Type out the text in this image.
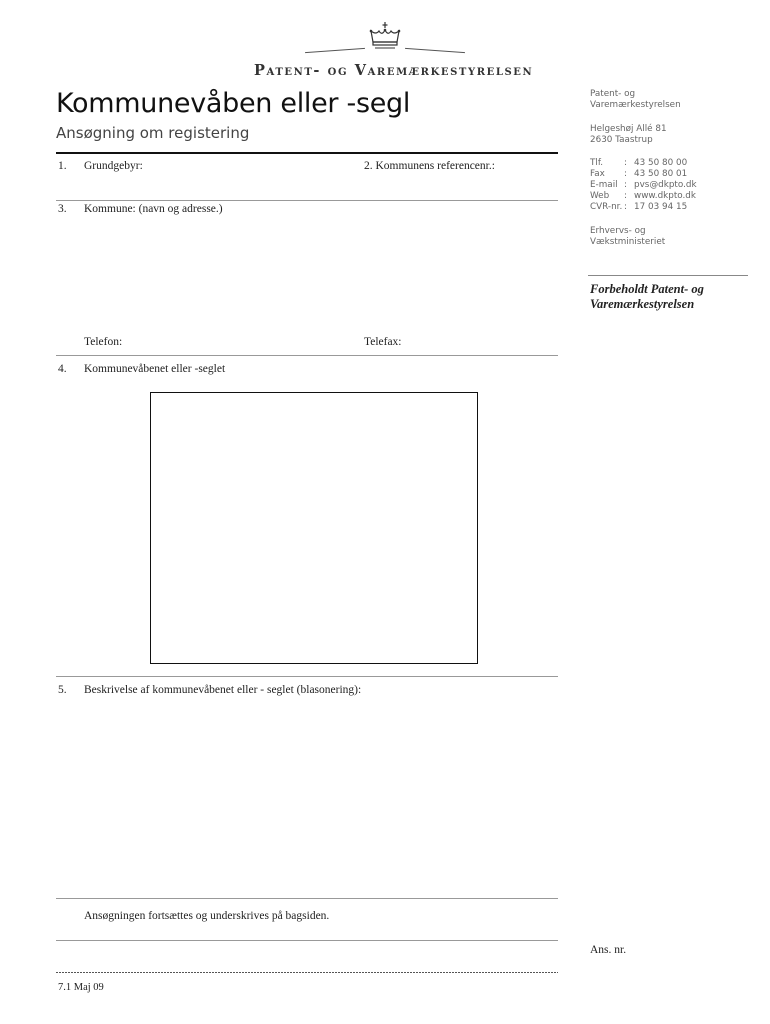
Patent- og Varemærkestyrelsen
Kommunevåben eller -segl
Ansøgning om registering
1. Grundgebyr:	2. Kommunens referencenr.:
3. Kommune: (navn og adresse.)
Telefon:	Telefax:
4. Kommunevåbenet eller -seglet
5. Beskrivelse af kommunevåbenet eller - seglet (blasonering):
Ansøgningen fortsættes og underskrives på bagsiden.
7.1 Maj 09
Patent- og
Varemærkestyrelsen
Helgeshøj Allé 81
2630 Taastrup
Tlf.	: 43 50 80 00
Fax	: 43 50 80 01
E-mail : pvs@dkpto.dk
Web	: www.dkpto.dk
CVR-nr. : 17 03 94 15
Erhvervs- og
Vækstministeriet
Forbeholdt Patent- og
Varemærkestyrelsen
Ans. nr.
